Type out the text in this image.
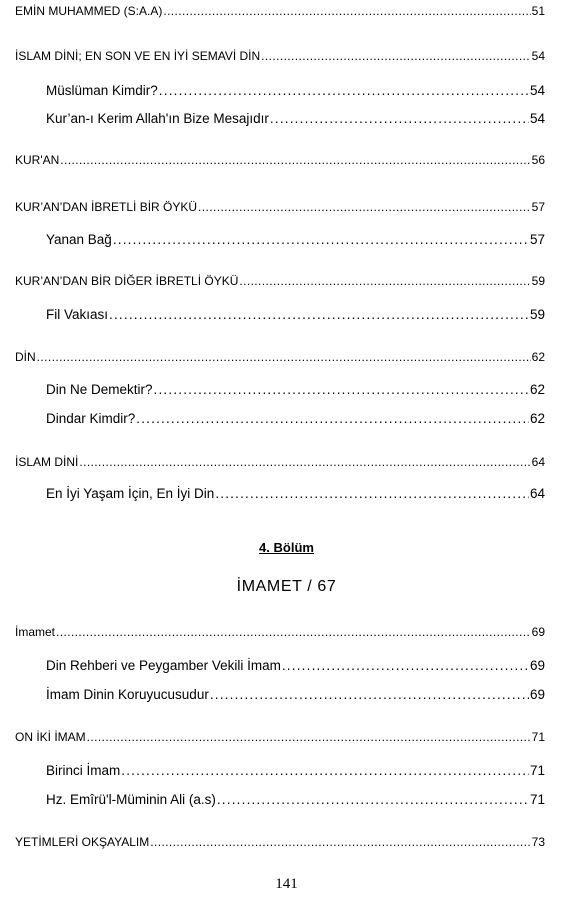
EMİN MUHAMMED (S:A.A) .....	51
İSLAM DİNİ; EN SON VE EN İYİ SEMAVİ DİN .....	54
Müslüman Kimdir? .....	54
Kur’an-ı Kerim Allah'ın Bize Mesajıdır .....	54
KUR'AN .....	56
KUR’AN’DAN İBRETLİ BİR ÖYKÜ .....	57
Yanan Bağ .....	57
KUR’AN’DAN BİR DİĞER İBRETLİ ÖYKÜ .....	59
Fil Vakıası .....	59
DİN .....	62
Din Ne Demektir? .....	62
Dindar Kimdir? .....	62
İSLAM DİNİ .....	64
En İyi Yaşam İçin, En İyi Din .....	64
İmamet .....	69
Din Rehberi ve Peygamber Vekili İmam .....	69
İmam Dinin Koruyucusudur .....	69
ON İKİ İMAM .....	71
Birinci İmam .....	71
Hz. Emîrü'l-Müminin Ali (a.s) .....	71
YETİMLERİ OKŞAYALIM .....	73
4. Bölüm
İMAMET / 67
141
